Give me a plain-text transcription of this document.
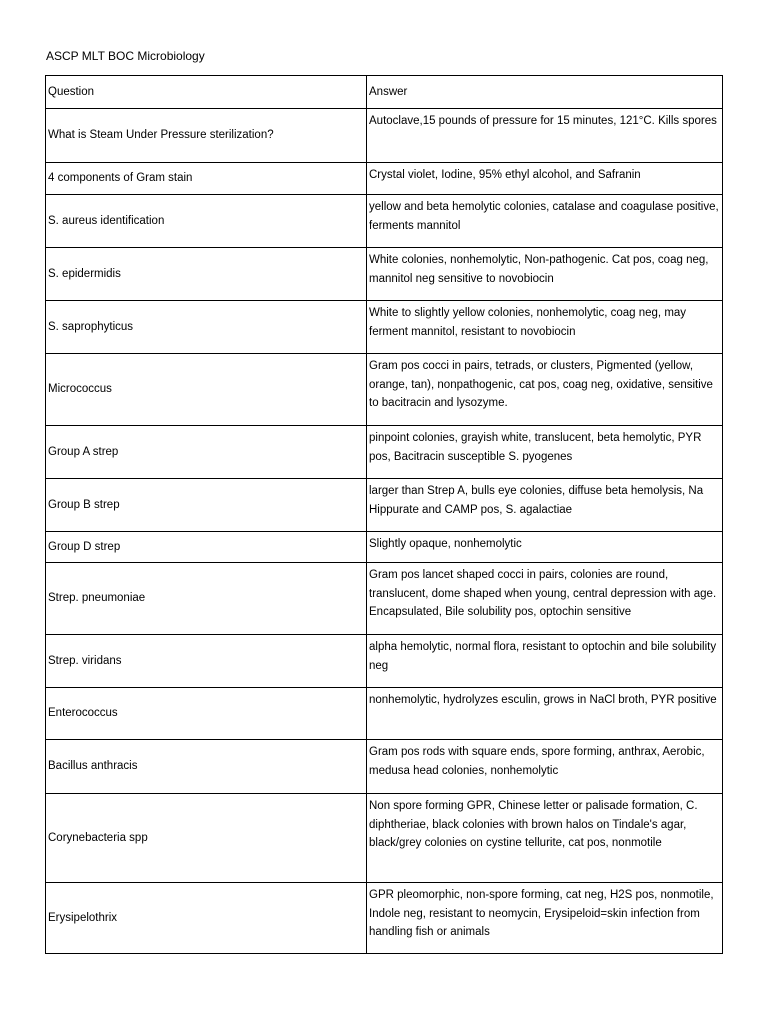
ASCP MLT BOC Microbiology
Question	Answer
What is Steam Under Pressure sterilization?	Autoclave,15 pounds of pressure for 15 minutes, 121°C. Kills spores
4 components of Gram stain	Crystal violet, Iodine, 95% ethyl alcohol, and Safranin
S. aureus identification	yellow and beta hemolytic colonies, catalase and coagulase positive, ferments mannitol
S. epidermidis	White colonies, nonhemolytic, Non-pathogenic. Cat pos, coag neg, mannitol neg sensitive to novobiocin
S. saprophyticus	White to slightly yellow colonies, nonhemolytic, coag neg, may ferment mannitol, resistant to novobiocin
Micrococcus	Gram pos cocci in pairs, tetrads, or clusters, Pigmented (yellow, orange, tan), nonpathogenic, cat pos, coag neg, oxidative, sensitive to bacitracin and lysozyme.
Group A strep	pinpoint colonies, grayish white, translucent, beta hemolytic, PYR pos, Bacitracin susceptible S. pyogenes
Group B strep	larger than Strep A, bulls eye colonies, diffuse beta hemolysis, Na Hippurate and CAMP pos, S. agalactiae
Group D strep	Slightly opaque, nonhemolytic
Strep. pneumoniae	Gram pos lancet shaped cocci in pairs, colonies are round, translucent, dome shaped when young, central depression with age. Encapsulated, Bile solubility pos, optochin sensitive
Strep. viridans	alpha hemolytic, normal flora, resistant to optochin and bile solubility neg
Enterococcus	nonhemolytic, hydrolyzes esculin, grows in NaCl broth, PYR positive
Bacillus anthracis	Gram pos rods with square ends, spore forming, anthrax, Aerobic, medusa head colonies, nonhemolytic
Corynebacteria spp	Non spore forming GPR, Chinese letter or palisade formation, C. diphtheriae, black colonies with brown halos on Tindale's agar, black/grey colonies on cystine tellurite, cat pos, nonmotile
Erysipelothrix	GPR pleomorphic, non-spore forming, cat neg, H2S pos, nonmotile, Indole neg, resistant to neomycin, Erysipeloid=skin infection from handling fish or animals
